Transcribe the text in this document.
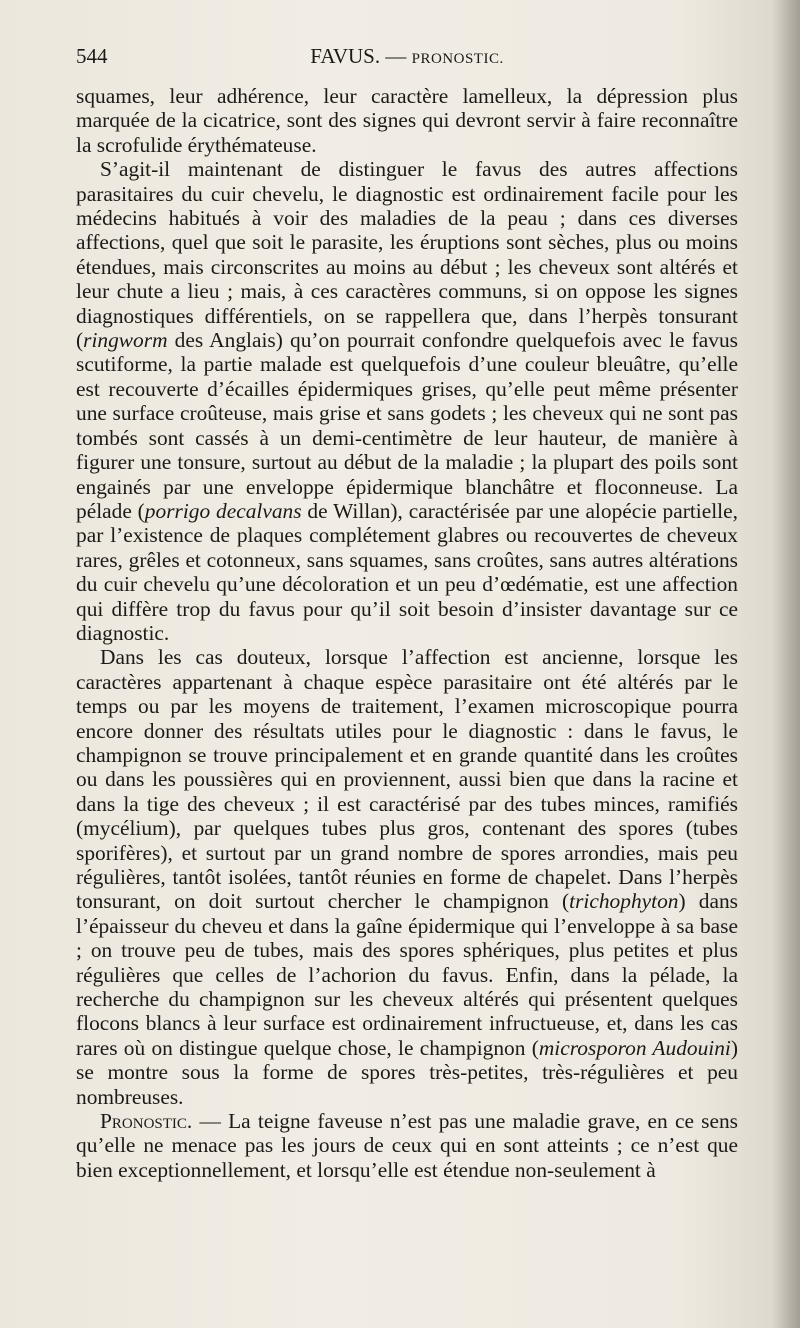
544	FAVUS. — PRONOSTIC.

squames, leur adhérence, leur caractère lamelleux, la dépression plus marquée de la cicatrice, sont des signes qui devront servir à faire reconnaître la scrofulide érythémateuse.

S’agit-il maintenant de distinguer le favus des autres affections parasitaires du cuir chevelu, le diagnostic est ordinairement facile pour les médecins habitués à voir des maladies de la peau ; dans ces diverses affections, quel que soit le parasite, les éruptions sont sèches, plus ou moins étendues, mais circonscrites au moins au début ; les cheveux sont altérés et leur chute a lieu ; mais, à ces caractères communs, si on oppose les signes diagnostiques différentiels, on se rappellera que, dans l’herpès tonsurant (ringworm des Anglais) qu’on pourrait confondre quelquefois avec le favus scutiforme, la partie malade est quelquefois d’une couleur bleuâtre, qu’elle est recouverte d’écailles épidermiques grises, qu’elle peut même présenter une surface croûteuse, mais grise et sans godets ; les cheveux qui ne sont pas tombés sont cassés à un demi-centimètre de leur hauteur, de manière à figurer une tonsure, surtout au début de la maladie ; la plupart des poils sont engainés par une enveloppe épidermique blanchâtre et floconneuse. La pélade (porrigo decalvans de Willan), caractérisée par une alopécie partielle, par l’existence de plaques complétement glabres ou recouvertes de cheveux rares, grêles et cotonneux, sans squames, sans croûtes, sans autres altérations du cuir chevelu qu’une décoloration et un peu d’œdématie, est une affection qui diffère trop du favus pour qu’il soit besoin d’insister davantage sur ce diagnostic.

Dans les cas douteux, lorsque l’affection est ancienne, lorsque les caractères appartenant à chaque espèce parasitaire ont été altérés par le temps ou par les moyens de traitement, l’examen microscopique pourra encore donner des résultats utiles pour le diagnostic : dans le favus, le champignon se trouve principalement et en grande quantité dans les croûtes ou dans les poussières qui en proviennent, aussi bien que dans la racine et dans la tige des cheveux ; il est caractérisé par des tubes minces, ramifiés (mycélium), par quelques tubes plus gros, contenant des spores (tubes sporifères), et surtout par un grand nombre de spores arrondies, mais peu régulières, tantôt isolées, tantôt réunies en forme de chapelet. Dans l’herpès tonsurant, on doit surtout chercher le champignon (trichophyton) dans l’épaisseur du cheveu et dans la gaîne épidermique qui l’enveloppe à sa base ; on trouve peu de tubes, mais des spores sphériques, plus petites et plus régulières que celles de l’achorion du favus. Enfin, dans la pélade, la recherche du champignon sur les cheveux altérés qui présentent quelques flocons blancs à leur surface est ordinairement infructueuse, et, dans les cas rares où on distingue quelque chose, le champignon (microsporon Audouini) se montre sous la forme de spores très-petites, très-régulières et peu nombreuses.

Pronostic. — La teigne faveuse n’est pas une maladie grave, en ce sens qu’elle ne menace pas les jours de ceux qui en sont atteints ; ce n’est que bien exceptionnellement, et lorsqu’elle est étendue non-seulement à
